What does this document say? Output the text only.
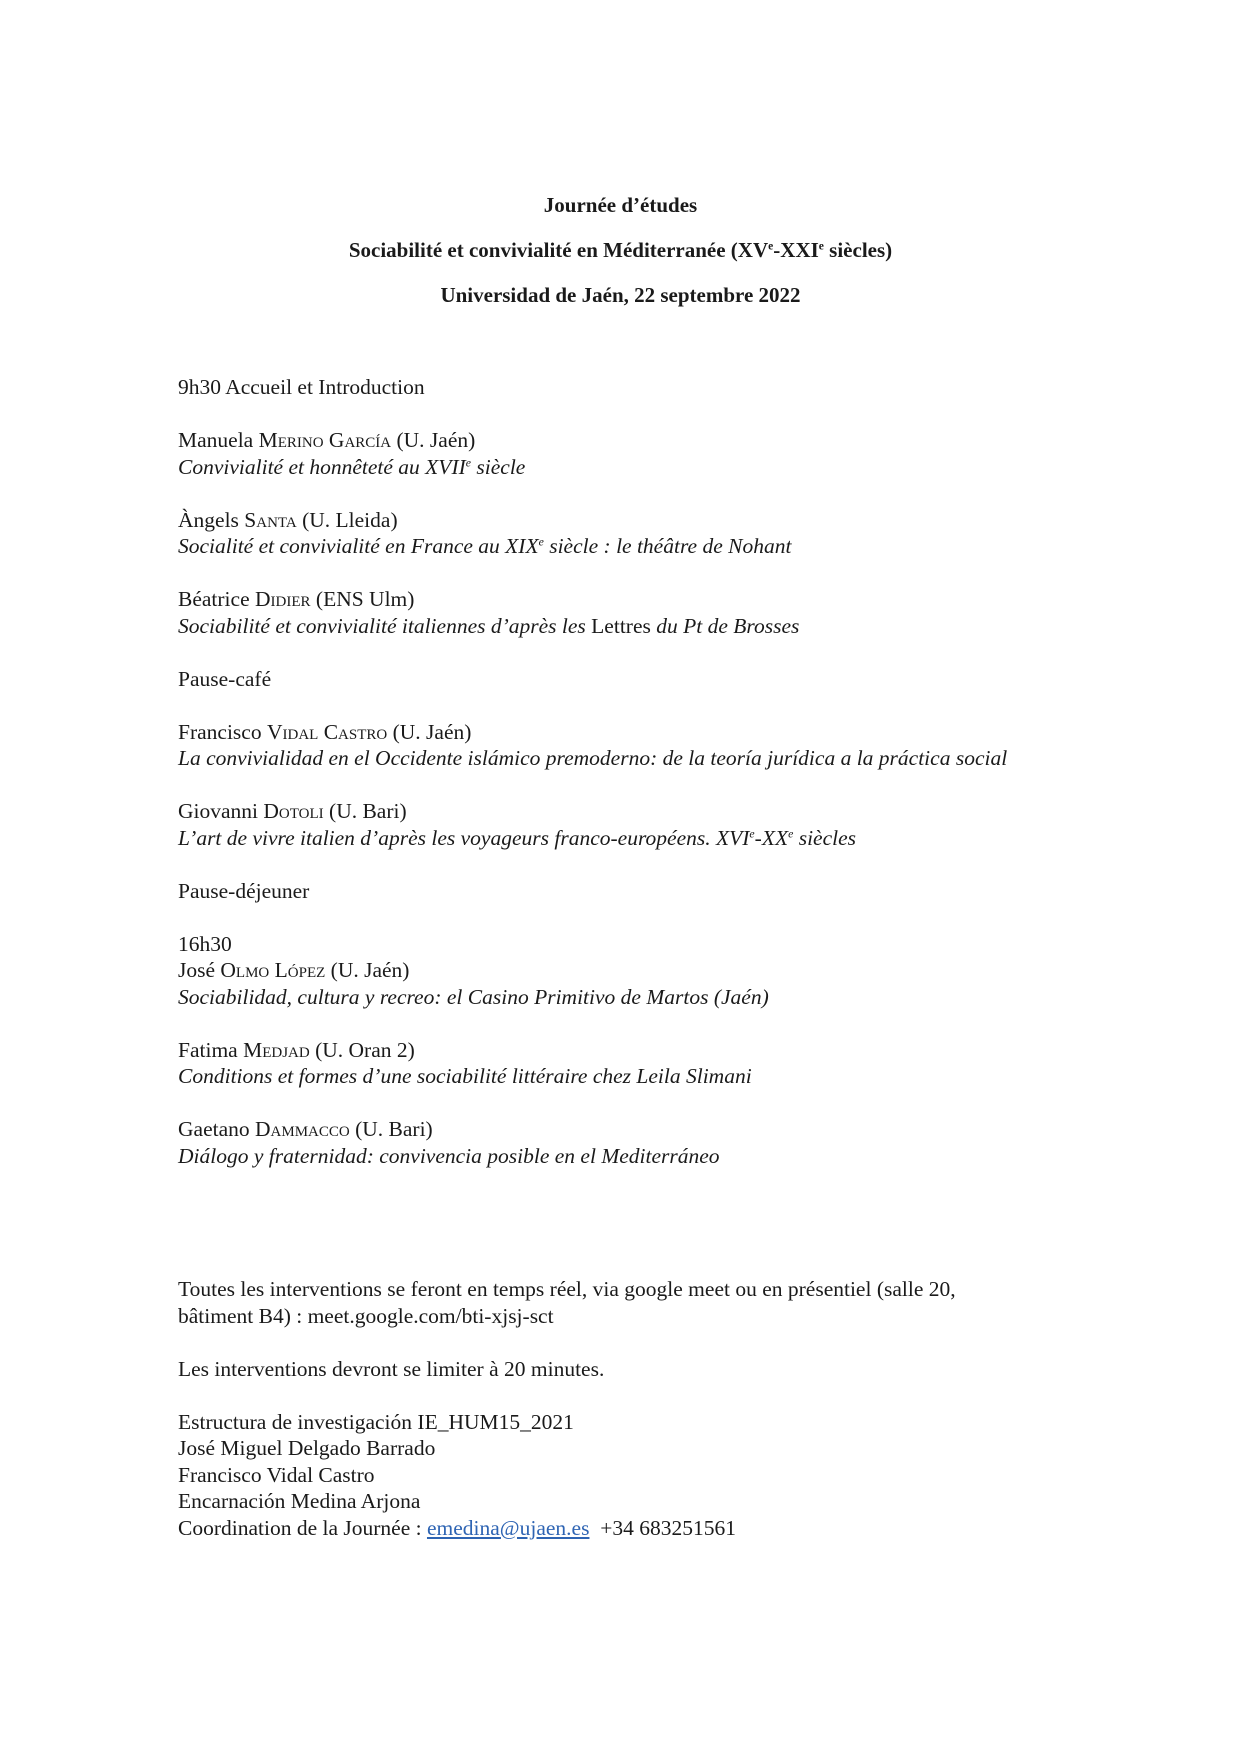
Journée d’études
Sociabilité et convivialité en Méditerranée (XVe-XXIe siècles)
Universidad de Jaén, 22 septembre 2022

9h30 Accueil et Introduction

Manuela Merino García (U. Jaén)
Convivialité et honnêteté au XVIIe siècle
Àngels Santa (U. Lleida)
Socialité et convivialité en France au XIXe siècle : le théâtre de Nohant
Béatrice Didier (ENS Ulm)
Sociabilité et convivialité italiennes d’après les Lettres du Pt de Brosses

Pause-café

Francisco Vidal Castro (U. Jaén)
La convivialidad en el Occidente islámico premoderno: de la teoría jurídica a la práctica social
Giovanni Dotoli (U. Bari)
L’art de vivre italien d’après les voyageurs franco-européens. XVIe-XXe siècles

Pause-déjeuner

16h30
José Olmo López (U. Jaén)
Sociabilidad, cultura y recreo: el Casino Primitivo de Martos (Jaén)
Fatima Medjad (U. Oran 2)
Conditions et formes d’une sociabilité littéraire chez Leila Slimani
Gaetano Dammacco (U. Bari)
Diálogo y fraternidad: convivencia posible en el Mediterráneo
Toutes les interventions se feront en temps réel, via google meet ou en présentiel (salle 20,
bâtiment B4) : meet.google.com/bti-xjsj-sct

Les interventions devront se limiter à 20 minutes.

Estructura de investigación IE_HUM15_2021
José Miguel Delgado Barrado
Francisco Vidal Castro
Encarnación Medina Arjona
Coordination de la Journée : emedina@ujaen.es  +34 683251561
